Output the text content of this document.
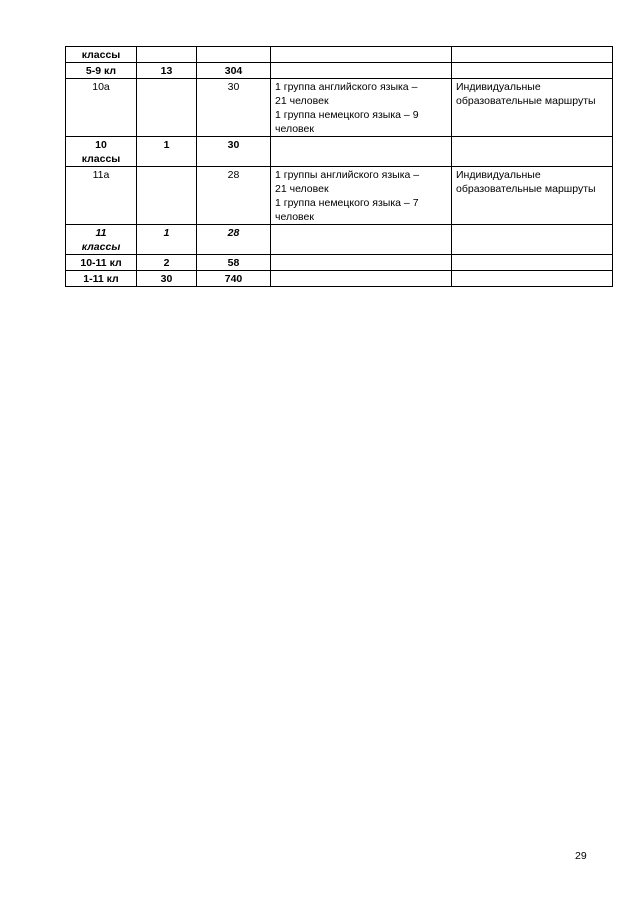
классы				

5-9 кл	13	304		

10а		30	1 группа английского языка –
21 человек
1 группа немецкого языка – 9
человек	Индивидуальные
образовательные маршруты

10
классы	1	30		

11а		28	1 группы английского языка –
21 человек
1 группа немецкого языка – 7
человек	Индивидуальные
образовательные маршруты

11
классы	1	28		

10-11 кл	2	58		

1-11 кл	30	740		

29
